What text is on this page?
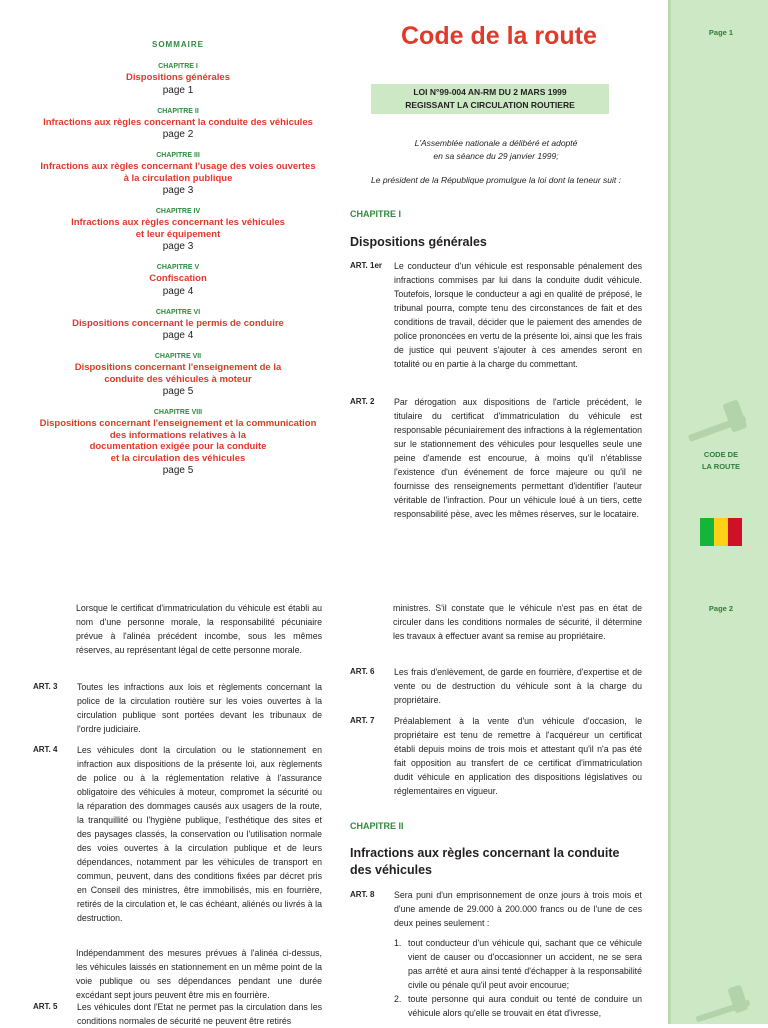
Page 1
CODE DE
LA ROUTE
Page 2
SOMMAIRE
CHAPITRE I
Dispositions générales
page 1
CHAPITRE II
Infractions aux règles concernant la conduite des véhicules
page 2
CHAPITRE III
Infractions aux règles concernant l'usage des voies ouvertes
à la circulation publique
page 3
CHAPITRE IV
Infractions aux règles concernant les véhicules
et leur équipement
page 3
CHAPITRE V
Confiscation
page 4
CHAPITRE VI
Dispositions concernant le permis de conduire
page 4
CHAPITRE VII
Dispositions concernant l'enseignement de la
conduite des véhicules à moteur
page 5
CHAPITRE VIII
Dispositions concernant l'enseignement et la communication
des informations relatives à la
documentation exigée pour la conduite
et la circulation des véhicules
page 5
Code de la route
LOI N°99-004 AN-RM DU 2 MARS 1999
REGISSANT LA CIRCULATION ROUTIERE
L'Assemblée nationale a délibéré et adopté
en sa séance du 29 janvier 1999;
Le président de la République promulgue la loi dont la teneur suit :
CHAPITRE I
Dispositions générales
ART. 1er	Le conducteur d'un véhicule est responsable pénalement des infractions commises par lui dans la conduite dudit véhicule. Toutefois, lorsque le conducteur a agi en qualité de préposé, le tribunal pourra, compte tenu des circonstances de fait et des conditions de travail, décider que le paiement des amendes de police prononcées en vertu de la présente loi, ainsi que les frais de justice qui peuvent s'ajouter à ces amendes seront en totalité ou en partie à la charge du commettant.
ART. 2	Par dérogation aux dispositions de l'article précédent, le titulaire du certificat d'immatriculation du véhicule est responsable pécuniairement des infractions à la réglementation sur le stationnement des véhicules pour lesquelles seule une peine d'amende est encourue, à moins qu'il n'établisse l'existence d'un événement de force majeure ou qu'il ne fournisse des renseignements permettant d'identifier l'auteur véritable de l'infraction. Pour un véhicule loué à un tiers, cette responsabilité pèse, avec les mêmes réserves, sur le locataire.
Lorsque le certificat d'immatriculation du véhicule est établi au nom d'une personne morale, la responsabilité pécuniaire prévue à l'alinéa précédent incombe, sous les mêmes réserves, au représentant légal de cette personne morale.
ART. 3	Toutes les infractions aux lois et règlements concernant la police de la circulation routière sur les voies ouvertes à la circulation publique sont portées devant les tribunaux de l'ordre judiciaire.
ART. 4	Les véhicules dont la circulation ou le stationnement en infraction aux dispositions de la présente loi, aux règlements de police ou à la réglementation relative à l'assurance obligatoire des véhicules à moteur, compromet la sécurité ou la réparation des dommages causés aux usagers de la route, la tranquillité ou l'hygiène publique, l'esthétique des sites et des paysages classés, la conservation ou l'utilisation normale des voies ouvertes à la circulation publique et de leurs dépendances, notamment par les véhicules de transport en commun, peuvent, dans des conditions fixées par décret pris en Conseil des ministres, être immobilisés, mis en fourrière, retirés de la circulation et, le cas échéant, aliénés ou livrés à la destruction.
Indépendamment des mesures prévues à l'alinéa ci-dessus, les véhicules laissés en stationnement en un même point de la voie publique ou ses dépendances pendant une durée excédant sept jours peuvent être mis en fourrière.
ART. 5	Les véhicules dont l'Etat ne permet pas la circulation dans les conditions normales de sécurité ne peuvent être retirés
ministres. S'il constate que le véhicule n'est pas en état de circuler dans les conditions normales de sécurité, il détermine les travaux à effectuer avant sa remise au propriétaire.
ART. 6	Les frais d'enlèvement, de garde en fourrière, d'expertise et de vente ou de destruction du véhicule sont à la charge du propriétaire.
ART. 7	Préalablement à la vente d'un véhicule d'occasion, le propriétaire est tenu de remettre à l'acquéreur un certificat établi depuis moins de trois mois et attestant qu'il n'a pas été fait opposition au transfert de ce certificat d'immatriculation dudit véhicule en application des dispositions législatives ou réglementaires en vigueur.
CHAPITRE II
Infractions aux règles concernant la conduite des véhicules
ART. 8	Sera puni d'un emprisonnement de onze jours à trois mois et d'une amende de 29.000 à 200.000 francs ou de l'une de ces deux peines seulement :
1. tout conducteur d'un véhicule qui, sachant que ce véhicule vient de causer ou d'occasionner un accident, ne se sera pas arrêté et aura ainsi tenté d'échapper à la responsabilité civile ou pénale qu'il peut avoir encourue;
2. toute personne qui aura conduit ou tenté de conduire un véhicule alors qu'elle se trouvait en état d'ivresse,
